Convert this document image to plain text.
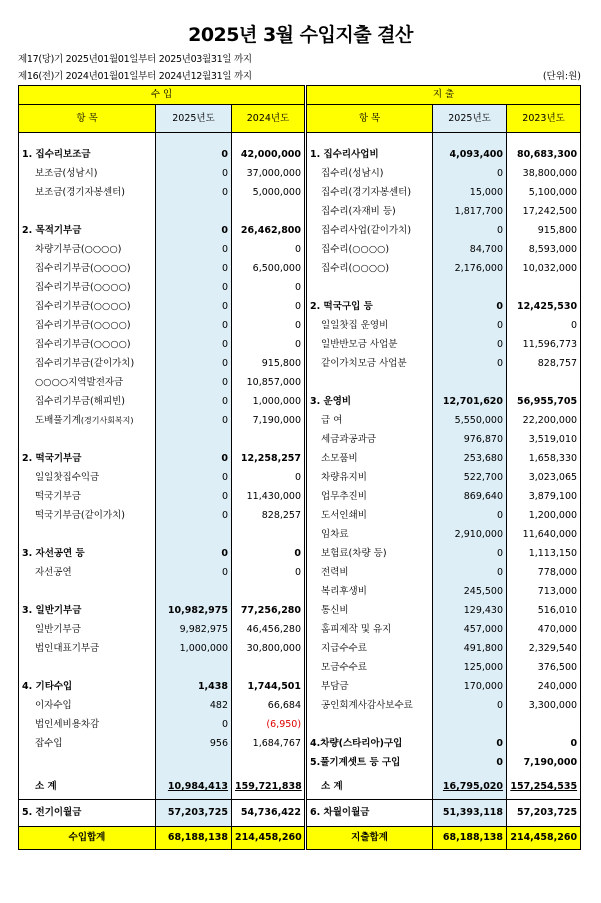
2025년 3월 수입지출 결산
제17(당)기 2025년01월01일부터 2025년03월31일 까지
제16(전)기 2024년01월01일부터 2024년12월31일 까지	(단위:원)
수 입			지 출		
항 목	2025년도	2024년도	항 목	2025년도	2023년도

1. 집수리보조금	0	42,000,000	1. 집수리사업비	4,093,400	80,683,300
보조금(성남시)	0	37,000,000	집수리(성남시)	0	38,800,000
보조금(경기자봉센터)	0	5,000,000	집수리(경기자봉센터)	15,000	5,100,000
			집수리(자재비 등)	1,817,700	17,242,500
2. 목적기부금	0	26,462,800	집수리사업(같이가치)	0	915,800
차량기부금(○○○○)	0	0	집수리(○○○○)	84,700	8,593,000
집수리기부금(○○○○)	0	6,500,000	집수리(○○○○)	2,176,000	10,032,000
집수리기부금(○○○○)	0	0			
집수리기부금(○○○○)	0	0	2. 떡국구입 등	0	12,425,530
집수리기부금(○○○○)	0	0	일일찻집 운영비	0	0
집수리기부금(○○○○)	0	0	일반반모금 사업분	0	11,596,773
집수리기부금(같이가치)	0	915,800	같이가치모금 사업분	0	828,757
○○○○지역발전자금	0	10,857,000			
집수리기부금(해피빈)	0	1,000,000	3. 운영비	12,701,620	56,955,705
도배풀기계(경기사회복지)	0	7,190,000	급 여	5,550,000	22,200,000
			세금과공과금	976,870	3,519,010
2. 떡국기부금	0	12,258,257	소모품비	253,680	1,658,330
일일찻집수익금	0	0	차량유지비	522,700	3,023,065
떡국기부금	0	11,430,000	업무추진비	869,640	3,879,100
떡국기부금(같이가치)	0	828,257	도서인쇄비	0	1,200,000
			임차료	2,910,000	11,640,000
3. 자선공연 등	0	0	보험료(차량 등)	0	1,113,150
자선공연	0	0	전력비	0	778,000
			복리후생비	245,500	713,000
3. 일반기부금	10,982,975	77,256,280	통신비	129,430	516,010
일반기부금	9,982,975	46,456,280	홈피제작 및 유지	457,000	470,000
법인대표기부금	1,000,000	30,800,000	지급수수료	491,800	2,329,540
			모금수수료	125,000	376,500
4. 기타수입	1,438	1,744,501	부담금	170,000	240,000
이자수입	482	66,684	공인회계사감사보수료	0	3,300,000
법인세비용차감	0	(6,950)			
잡수입	956	1,684,767	4.차량(스타리아)구입	0	0
			5.풀기계셋트 등 구입	0	7,190,000

소 계	10,984,413	159,721,838	소 계	16,795,020	157,254,535
5. 전기이월금	57,203,725	54,736,422	6. 차월이월금	51,393,118	57,203,725
수입합계	68,188,138	214,458,260	지출합계	68,188,138	214,458,260
